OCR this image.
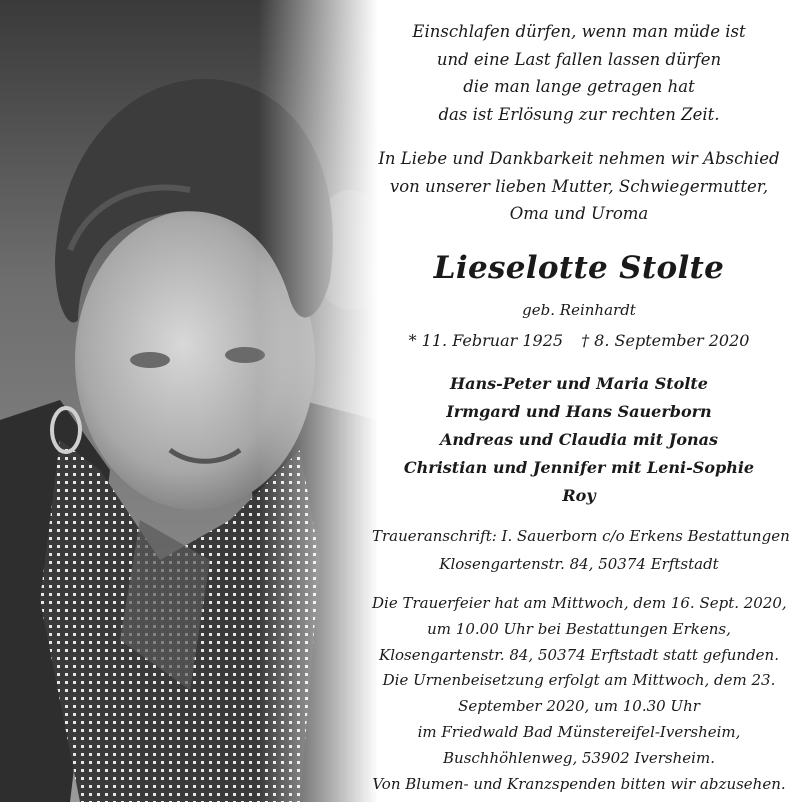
Einschlafen dürfen, wenn man müde ist
und eine Last fallen lassen dürfen
die man lange getragen hat
das ist Erlösung zur rechten Zeit.
In Liebe und Dankbarkeit nehmen wir Abschied
von unserer lieben Mutter, Schwiegermutter,
Oma und Uroma
Lieselotte Stolte
geb. Reinhardt
* 11. Februar 1925 † 8. September 2020
Hans-Peter und Maria Stolte
Irmgard und Hans Sauerborn
Andreas und Claudia mit Jonas
Christian und Jennifer mit Leni-Sophie
Roy
Traueranschrift: I. Sauerborn c/o Erkens Bestattungen
Klosengartenstr. 84, 50374 Erftstadt
Die Trauerfeier hat am Mittwoch, dem 16. Sept. 2020,
um 10.00 Uhr bei Bestattungen Erkens,
Klosengartenstr. 84, 50374 Erftstadt statt gefunden.
Die Urnenbeisetzung erfolgt am Mittwoch, dem 23.
September 2020, um 10.30 Uhr
im Friedwald Bad Münstereifel-Iversheim,
Buschhöhlenweg, 53902 Iversheim.
Von Blumen- und Kranzspenden bitten wir abzusehen.
